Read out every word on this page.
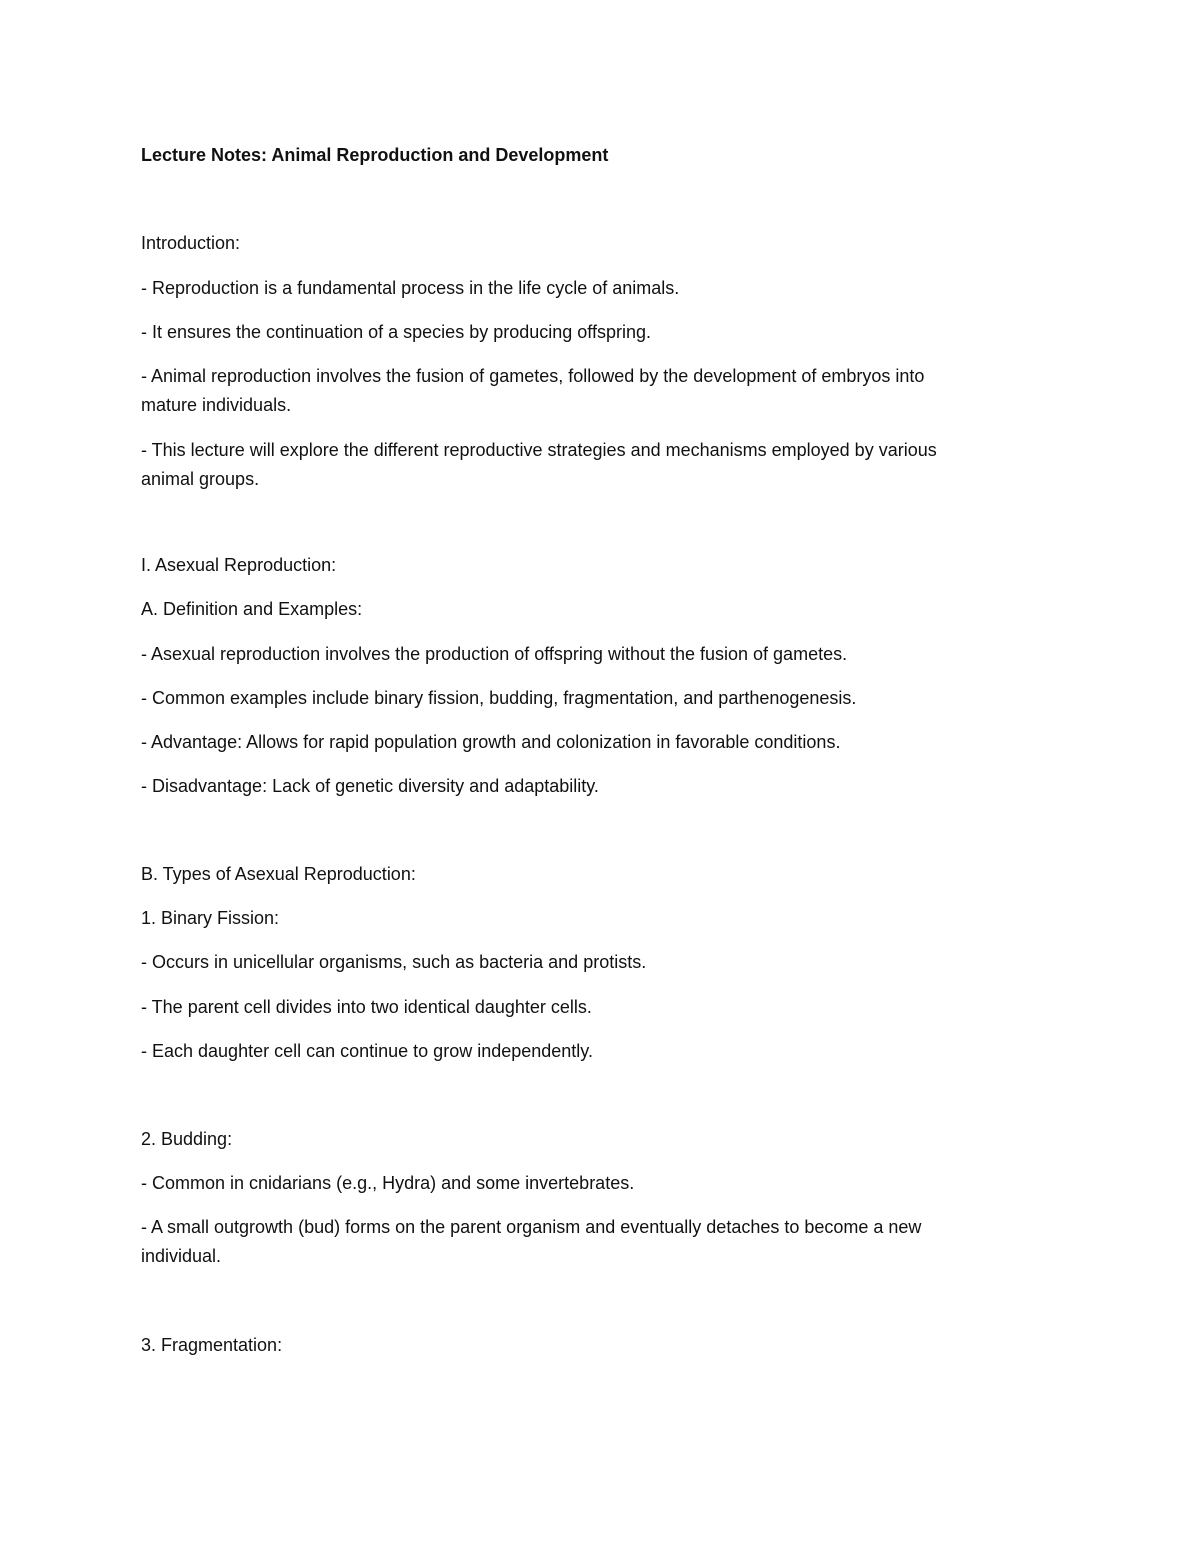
Lecture Notes: Animal Reproduction and Development

Introduction:

- Reproduction is a fundamental process in the life cycle of animals.

- It ensures the continuation of a species by producing offspring.

- Animal reproduction involves the fusion of gametes, followed by the development of embryos into

mature individuals.

- This lecture will explore the different reproductive strategies and mechanisms employed by various

animal groups.

I. Asexual Reproduction:

A. Definition and Examples:

- Asexual reproduction involves the production of offspring without the fusion of gametes.

- Common examples include binary fission, budding, fragmentation, and parthenogenesis.

- Advantage: Allows for rapid population growth and colonization in favorable conditions.

- Disadvantage: Lack of genetic diversity and adaptability.

B. Types of Asexual Reproduction:

1. Binary Fission:

- Occurs in unicellular organisms, such as bacteria and protists.

- The parent cell divides into two identical daughter cells.

- Each daughter cell can continue to grow independently.

2. Budding:

- Common in cnidarians (e.g., Hydra) and some invertebrates.

- A small outgrowth (bud) forms on the parent organism and eventually detaches to become a new

individual.

3. Fragmentation:
